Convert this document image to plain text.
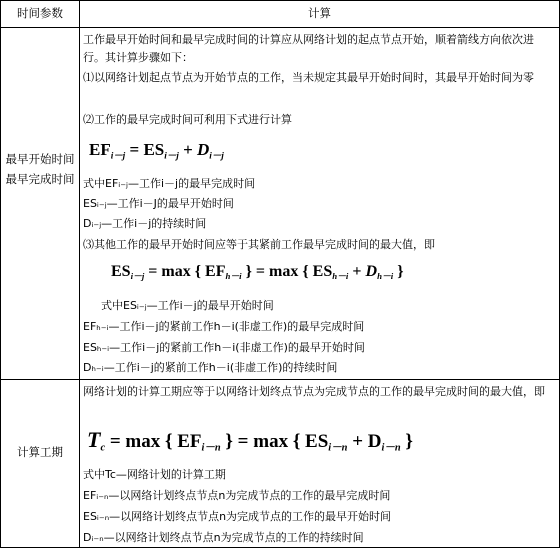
时间参数	计算
最早开始时间
最早完成时间
工作最早开始时间和最早完成时间的计算应从网络计划的起点节点开始，顺着箭线方向依次进行。其计算步骤如下：
⑴以网络计划起点节点为开始节点的工作，当未规定其最早开始时间时，其最早开始时间为零
⑵工作的最早完成时间可利用下式进行计算
$EF_{i-j} = ES_{i-j} + D_{i-j}$
式中EFᵢ₋ⱼ—工作i－j的最早完成时间
ESᵢ₋ⱼ—工作i－J的最早开始时间
Dᵢ₋ⱼ—工作i－j的持续时间
⑶其他工作的最早开始时间应等于其紧前工作最早完成时间的最大值，即
$ES_{i-j} = \max$ { $EF_{h-i}$ } = max { $ES_{h-i} + D_{h-i}$ }
式中ESᵢ₋ⱼ—工作i－j的最早开始时间
EFₕ₋ᵢ—工作i－j的紧前工作h－i(非虚工作)的最早完成时间
ESₕ₋ᵢ—工作i－j的紧前工作h－i(非虚工作)的最早开始时间
Dₕ₋ᵢ—工作i－j的紧前工作h－i(非虚工作)的持续时间
计算工期
网络计划的计算工期应等于以网络计划终点节点为完成节点的工作的最早完成时间的最大值，即
$T_c = \max$ { $EF_{i-n}$ } = max { $ES_{i-n} + D_{i-n}$ }
式中Tc—网络计划的计算工期
EFᵢ₋ₙ—以网络计划终点节点n为完成节点的工作的最早完成时间
ESᵢ₋ₙ—以网络计划终点节点n为完成节点的工作的最早开始时间
Dᵢ₋ₙ—以网络计划终点节点n为完成节点的工作的持续时间
